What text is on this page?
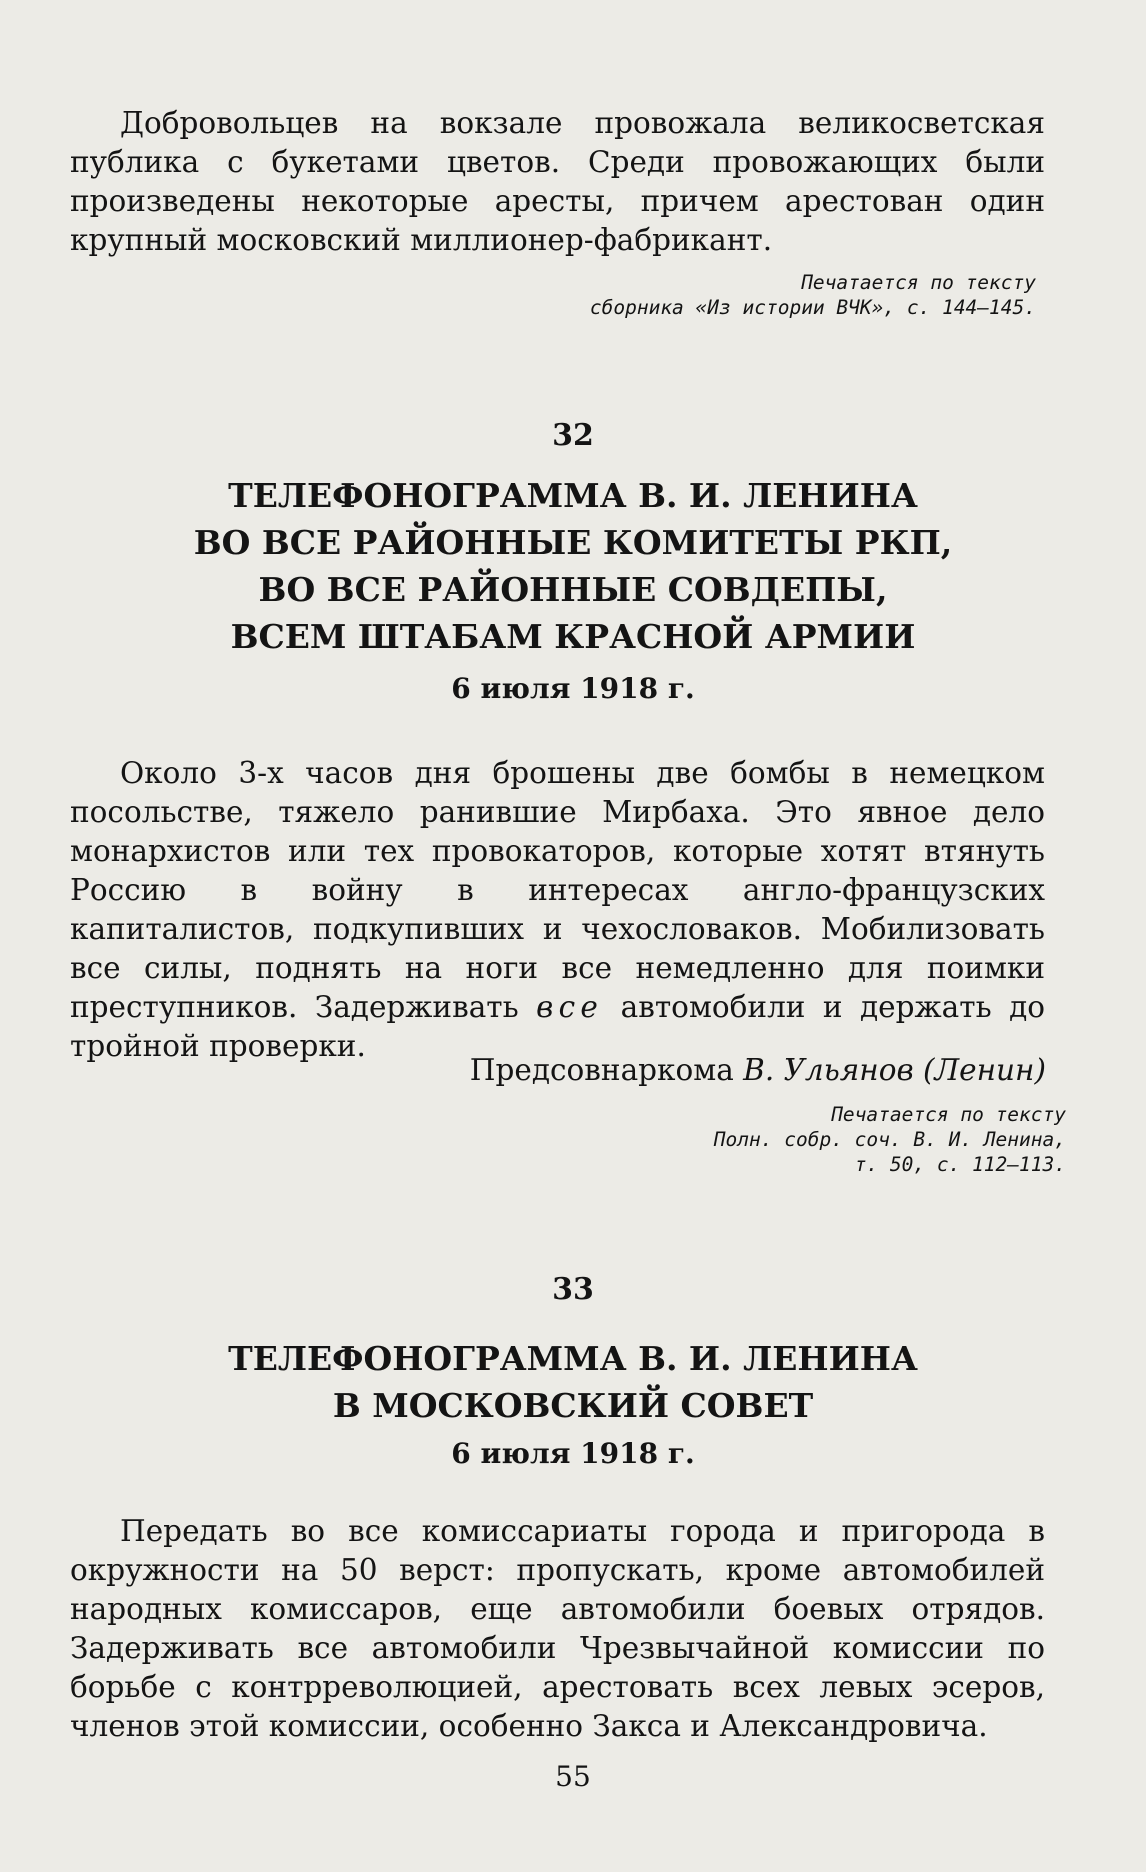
Добровольцев на вокзале провожала великосветская публика с букетами цветов. Среди провожающих были произведены некоторые аресты, причем арестован один крупный московский миллионер-фабрикант.

Печатается по тексту
сборника «Из истории ВЧК», с. 144—145.
32
ТЕЛЕФОНОГРАММА В. И. ЛЕНИНА
ВО ВСЕ РАЙОННЫЕ КОМИТЕТЫ РКП,
ВО ВСЕ РАЙОННЫЕ СОВДЕПЫ,
ВСЕМ ШТАБАМ КРАСНОЙ АРМИИ
6 июля 1918 г.

Около 3-х часов дня брошены две бомбы в немецком посольстве, тяжело ранившие Мирбаха. Это явное дело монархистов или тех провокаторов, которые хотят втянуть Россию в войну в интересах англо-французских капиталистов, подкупивших и чехословаков. Мобилизовать все силы, поднять на ноги все немедленно для поимки преступников. Задерживать все автомобили и держать до тройной проверки.

Предсовнаркома В. Ульянов (Ленин)
Печатается по тексту
Полн. собр. соч. В. И. Ленина,
т. 50, с. 112—113.
33
ТЕЛЕФОНОГРАММА В. И. ЛЕНИНА
В МОСКОВСКИЙ СОВЕТ
6 июля 1918 г.

Передать во все комиссариаты города и пригорода в окружности на 50 верст: пропускать, кроме автомобилей народных комиссаров, еще автомобили боевых отрядов. Задерживать все автомобили Чрезвычайной комиссии по борьбе с контрреволюцией, арестовать всех левых эсеров, членов этой комиссии, особенно Закса и Александровича.

55
